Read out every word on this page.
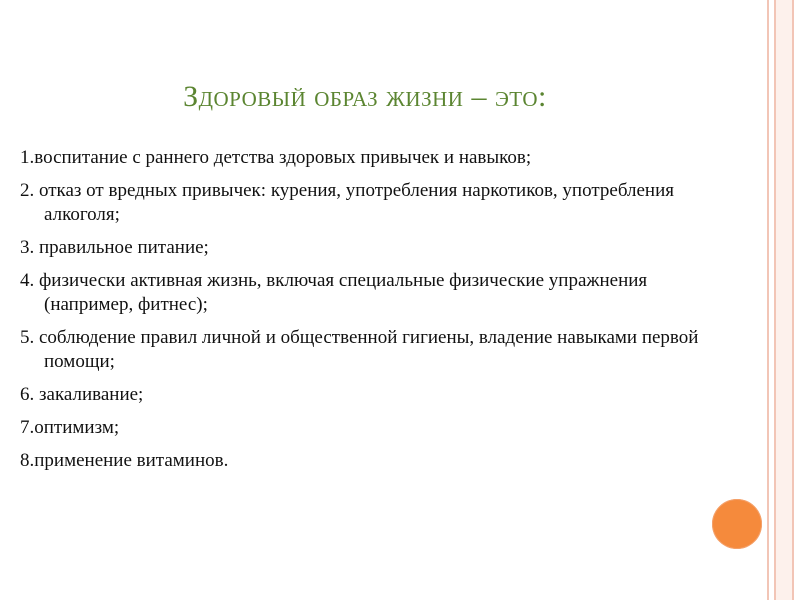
Здоровый образ жизни – это:
1.воспитание с раннего детства здоровых привычек и навыков;
2. отказ от вредных привычек: курения, употребления наркотиков, употребления алкоголя;
3. правильное питание;
4. физически активная жизнь, включая специальные физические упражнения (например, фитнес);
5. соблюдение правил личной и общественной гигиены, владение навыками первой помощи;
6. закаливание;
7.оптимизм;
8.применение витаминов.
